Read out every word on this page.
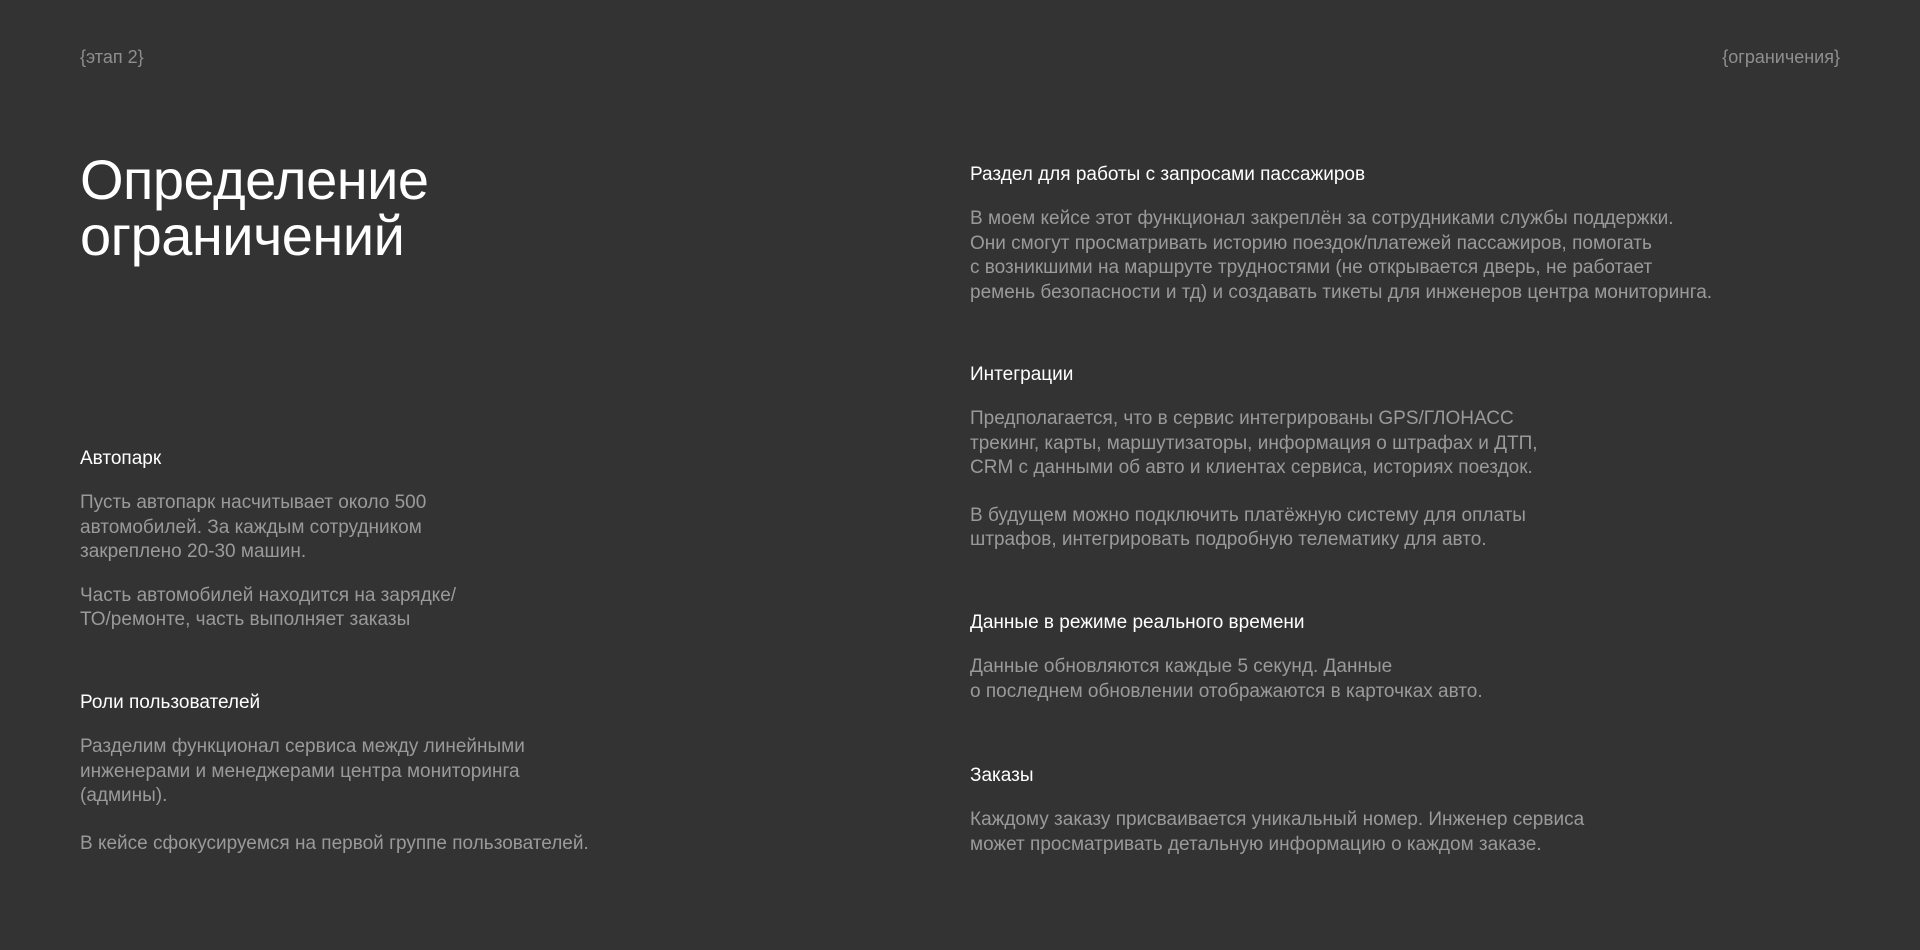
{этап 2}	{ограничения}
Определение
ограничений
Автопарк

Пусть автопарк насчитывает около 500
автомобилей. За каждым сотрудником
закреплено 20-30 машин.

Часть автомобилей находится на зарядке/
ТО/ремонте, часть выполняет заказы

Роли пользователей

Разделим функционал сервиса между линейными
инженерами и менеджерами центра мониторинга
(админы).

В кейсе сфокусируемся на первой группе пользователей.

Раздел для работы с запросами пассажиров

В моем кейсе этот функционал закреплён за сотрудниками службы поддержки.
Они смогут просматривать историю поездок/платежей пассажиров, помогать
с возникшими на маршруте трудностями (не открывается дверь, не работает
ремень безопасности и тд) и создавать тикеты для инженеров центра мониторинга.

Интеграции

Предполагается, что в сервис интегрированы GPS/ГЛОНАСС
трекинг, карты, маршутизаторы, информация о штрафах и ДТП,
CRM с данными об авто и клиентах сервиса, историях поездок.

В будущем можно подключить платёжную систему для оплаты
штрафов, интегрировать подробную телематику для авто.

Данные в режиме реального времени

Данные обновляются каждые 5 секунд. Данные
о последнем обновлении отображаются в карточках авто.

Заказы

Каждому заказу присваивается уникальный номер. Инженер сервиса
может просматривать детальную информацию о каждом заказе.
